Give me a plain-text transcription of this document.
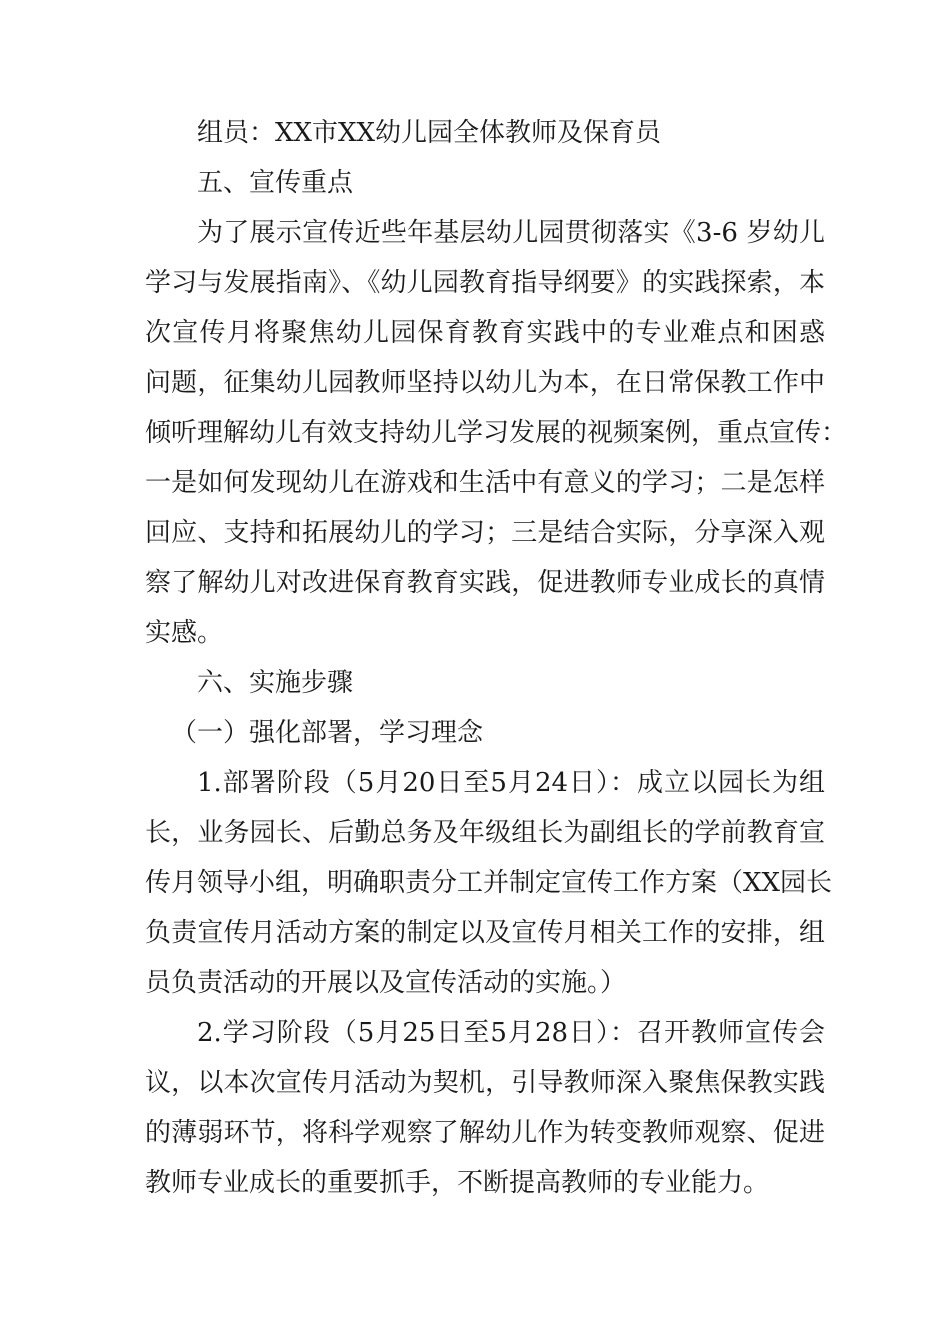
组员：XX市XX幼儿园全体教师及保育员
五、宣传重点
为了展示宣传近些年基层幼儿园贯彻落实《3-6 岁幼儿
学习与发展指南》、《幼儿园教育指导纲要》的实践探索，本
次宣传月将聚焦幼儿园保育教育实践中的专业难点和困惑
问题，征集幼儿园教师坚持以幼儿为本，在日常保教工作中
倾听理解幼儿有效支持幼儿学习发展的视频案例，重点宣传：
一是如何发现幼儿在游戏和生活中有意义的学习；二是怎样
回应、支持和拓展幼儿的学习；三是结合实际，分享深入观
察了解幼儿对改进保育教育实践，促进教师专业成长的真情
实感。
六、实施步骤
（一）强化部署，学习理念
1.部署阶段（5月20日至5月24日）：成立以园长为组
长，业务园长、后勤总务及年级组长为副组长的学前教育宣
传月领导小组，明确职责分工并制定宣传工作方案（XX园长
负责宣传月活动方案的制定以及宣传月相关工作的安排，组
员负责活动的开展以及宣传活动的实施。）
2.学习阶段（5月25日至5月28日）：召开教师宣传会
议，以本次宣传月活动为契机，引导教师深入聚焦保教实践
的薄弱环节，将科学观察了解幼儿作为转变教师观察、促进
教师专业成长的重要抓手，不断提高教师的专业能力。
